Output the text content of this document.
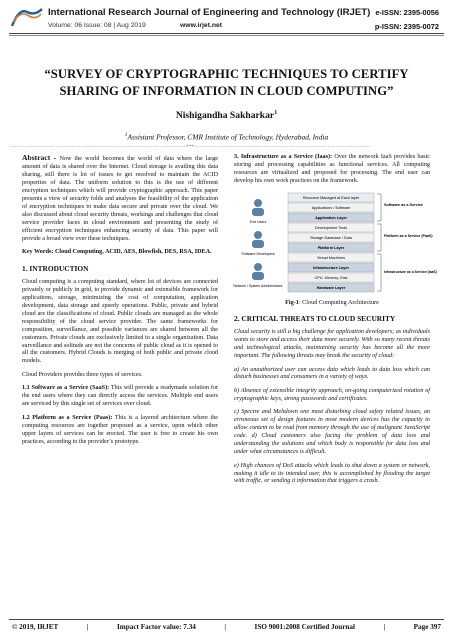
International Research Journal of Engineering and Technology (IRJET)
Volume: 06 Issue: 08 | Aug 2019	www.irjet.net
e-ISSN: 2395-0056
p-ISSN: 2395-0072
“SURVEY OF CRYPTOGRAPHIC TECHNIQUES TO CERTIFY SHARING OF INFORMATION IN CLOUD COMPUTING”
Nishigandha Sakharkar$^1$
$^1$Assistant Professor, CMR Institute of Technology, Hyderabad, India
---------------------------------------------------------------------***---------------------------------------------------------------------

Abstract - Now the world becomes the world of data where the large amount of data is shared over the Internet. Cloud storage is availing this data sharing, still there is lot of issues to get resolved to maintain the ACID properties of data. The uniform solution to this is the use of different encryption techniques which will provide cryptographic approach. This paper presents a view of security folds and analyses the feasibility of the application of encryption techniques to make data secure and private over the cloud. We also discussed about cloud security threats, workings and challenges that cloud service provider faces in cloud environment and presenting the study of efficient encryption techniques enhancing security of data. This paper will provide a broad view over these techniques.

Key Words: Cloud Computing, ACID, AES, Blowfish, DES, RSA, IDEA.

1. INTRODUCTION

Cloud computing is a computing standard, where lot of devices are connected privately or publicly in grid, to provide dynamic and extensible framework for applications, storage, minimizing the cost of computation, application development, data storage and speedy operations. Public, private and hybrid cloud are the classifications of cloud. Public clouds are managed as the whole responsibility of the cloud service provider. The same frameworks for composition, surveillance, and possible variances are shared between all the customers. Private clouds are exclusively limited to a single organization. Data surveillance and solitude are not the concerns of public cloud as it is opened to all the customers. Hybrid Clouds is merging of both public and private cloud models.

Cloud Providers provides three types of services.

1.1 Software as a Service (SaaS): This will provide a readymade solution for the end users where they can directly access the services. Multiple end users are serviced by this single set of services over cloud.

1.2 Platform as a Service (Paas): This is a layered architecture where the computing resources are together proposed as a service, upon which other upper layers of services can be erected. The user is free to create his own practices, according to the provider’s prototype.

3. Infrastructure as a Service (Iaas): Over the network IaaS provides basic storing and processing capabilities as functional services. All computing resources are virtualized and proposed for processing. The end user can develop his own work practices on the framework.

End Users
Software Developers
Network / System Administrators
Resource Managed at Each layer
Applications / Software
Application Layer
Development Tools
Storage Database / Data
Platform Layer
Virtual Machines
Infrastructure Layer
CPU, Memory, Disk
Hardware Layer
Software as a Service
Platform as a Service (PaaS)
Infrastructure as a Service (IaaS)
Fig-1: Cloud Computing Architecture
2. CRITICAL THREATS TO CLOUD SECURITY

Cloud security is still a big challenge for application developers; as individuals wants to store and access their data more securely. With so many recent threats and technological attacks, maintaining security has become all the more important. The following threats may break the security of cloud:

a) An unauthorized user can access data which leads to data loss which can disturb businesses and consumers in a variety of ways.

b) Absence of extensible integrity approach, on-going computerized rotation of cryptographic keys, strong passwords and certificates.

c) Spectre and Meltdown one most disturbing cloud safety related issues, an erroneous set of design features in most modern devices has the capacity to allow content to be read from memory through the use of malignant JavaScript code. d) Cloud customers also facing the problem of data loss and understanding the solutions and which body is responsible for data loss and under what circumstances is difficult.

e) High chances of DoS attacks which leads to shut down a system or network, making it idle to its intended user, this is accomplished by flooding the target with traffic, or sending it information that triggers a crash.

© 2019, IRJET	|	Impact Factor value: 7.34	|	ISO 9001:2008 Certified Journal	|	Page 397
